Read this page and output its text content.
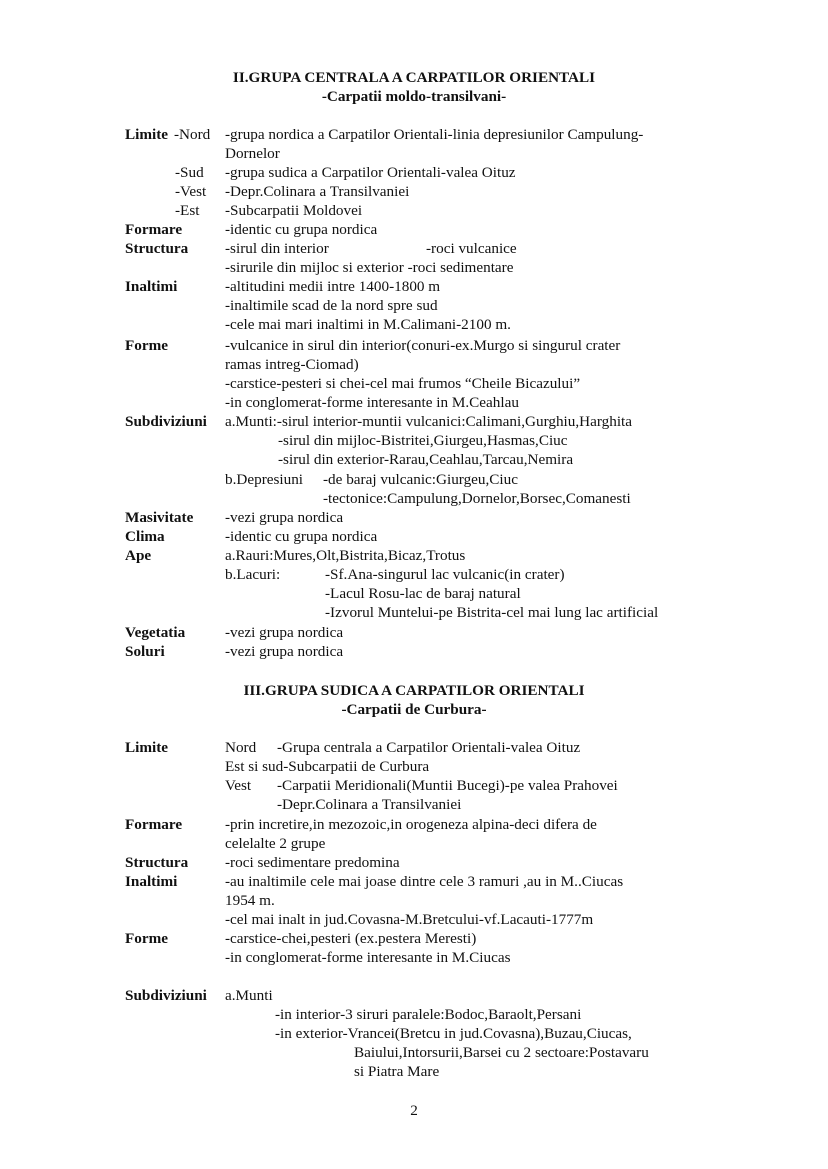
II.GRUPA CENTRALA A CARPATILOR ORIENTALI
-Carpatii moldo-transilvani-
Limite -Nord -grupa nordica a Carpatilor Orientali-linia depresiunilor Campulung-
Dornelor
-Sud -grupa sudica a Carpatilor Orientali-valea Oituz
-Vest -Depr.Colinara a Transilvaniei
-Est -Subcarpatii Moldovei
Formare	-identic cu grupa nordica
Structura -sirul din interior	-roci vulcanice
-sirurile din mijloc si exterior -roci sedimentare
Inaltimi	-altitudini medii intre 1400-1800 m
-inaltimile scad de la nord spre sud
-cele mai mari inaltimi in M.Calimani-2100 m.
Forme	-vulcanice in sirul din interior(conuri-ex.Murgo si singurul crater
ramas intreg-Ciomad)
-carstice-pesteri si chei-cel mai frumos “Cheile Bicazului”
-in conglomerat-forme interesante in M.Ceahlau
Subdiviziuni a.Munti:-sirul interior-muntii vulcanici:Calimani,Gurghiu,Harghita
-sirul din mijloc-Bistritei,Giurgeu,Hasmas,Ciuc
-sirul din exterior-Rarau,Ceahlau,Tarcau,Nemira
b.Depresiuni -de baraj vulcanic:Giurgeu,Ciuc
-tectonice:Campulung,Dornelor,Borsec,Comanesti
Masivitate -vezi grupa nordica
Clima	-identic cu grupa nordica
Ape	a.Rauri:Mures,Olt,Bistrita,Bicaz,Trotus
b.Lacuri:	-Sf.Ana-singurul lac vulcanic(in crater)
-Lacul Rosu-lac de baraj natural
-Izvorul Muntelui-pe Bistrita-cel mai lung lac artificial
Vegetatia	-vezi grupa nordica
Soluri	-vezi grupa nordica
III.GRUPA SUDICA A CARPATILOR ORIENTALI
-Carpatii de Curbura-
Limite	Nord -Grupa centrala a Carpatilor Orientali-valea Oituz
Est si sud-Subcarpatii de Curbura
Vest -Carpatii Meridionali(Muntii Bucegi)-pe valea Prahovei
-Depr.Colinara a Transilvaniei
Formare	-prin incretire,in mezozoic,in orogeneza alpina-deci difera de
celelalte 2 grupe
Structura -roci sedimentare predomina
Inaltimi	-au inaltimile cele mai joase dintre cele 3 ramuri ,au in M..Ciucas
1954 m.
-cel mai inalt in jud.Covasna-M.Bretcului-vf.Lacauti-1777m
Forme	-carstice-chei,pesteri (ex.pestera Meresti)
-in conglomerat-forme interesante in M.Ciucas
Subdiviziuni a.Munti
-in interior-3 siruri paralele:Bodoc,Baraolt,Persani
-in exterior-Vrancei(Bretcu in jud.Covasna),Buzau,Ciucas,
Baiului,Intorsurii,Barsei cu 2 sectoare:Postavaru
si Piatra Mare
2
